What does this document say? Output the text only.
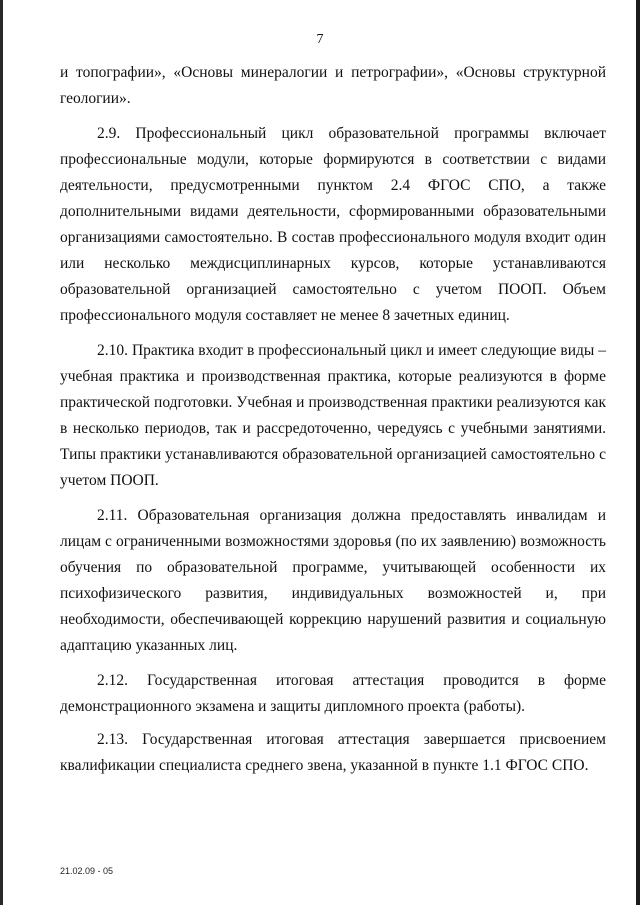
7

и топографии», «Основы минералогии и петрографии», «Основы структурной геологии».

2.9. Профессиональный цикл образовательной программы включает профессиональные модули, которые формируются в соответствии с видами деятельности, предусмотренными пунктом 2.4 ФГОС СПО, а также дополнительными видами деятельности, сформированными образовательными организациями самостоятельно. В состав профессионального модуля входит один или несколько междисциплинарных курсов, которые устанавливаются образовательной организацией самостоятельно с учетом ПООП. Объем профессионального модуля составляет не менее 8 зачетных единиц.

2.10. Практика входит в профессиональный цикл и имеет следующие виды – учебная практика и производственная практика, которые реализуются в форме практической подготовки. Учебная и производственная практики реализуются как в несколько периодов, так и рассредоточенно, чередуясь с учебными занятиями. Типы практики устанавливаются образовательной организацией самостоятельно с учетом ПООП.

2.11. Образовательная организация должна предоставлять инвалидам и лицам с ограниченными возможностями здоровья (по их заявлению) возможность обучения по образовательной программе, учитывающей особенности их психофизического развития, индивидуальных возможностей и, при необходимости, обеспечивающей коррекцию нарушений развития и социальную адаптацию указанных лиц.

2.12. Государственная итоговая аттестация проводится в форме демонстрационного экзамена и защиты дипломного проекта (работы).

2.13. Государственная итоговая аттестация завершается присвоением квалификации специалиста среднего звена, указанной в пункте 1.1 ФГОС СПО.

21.02.09 - 05
